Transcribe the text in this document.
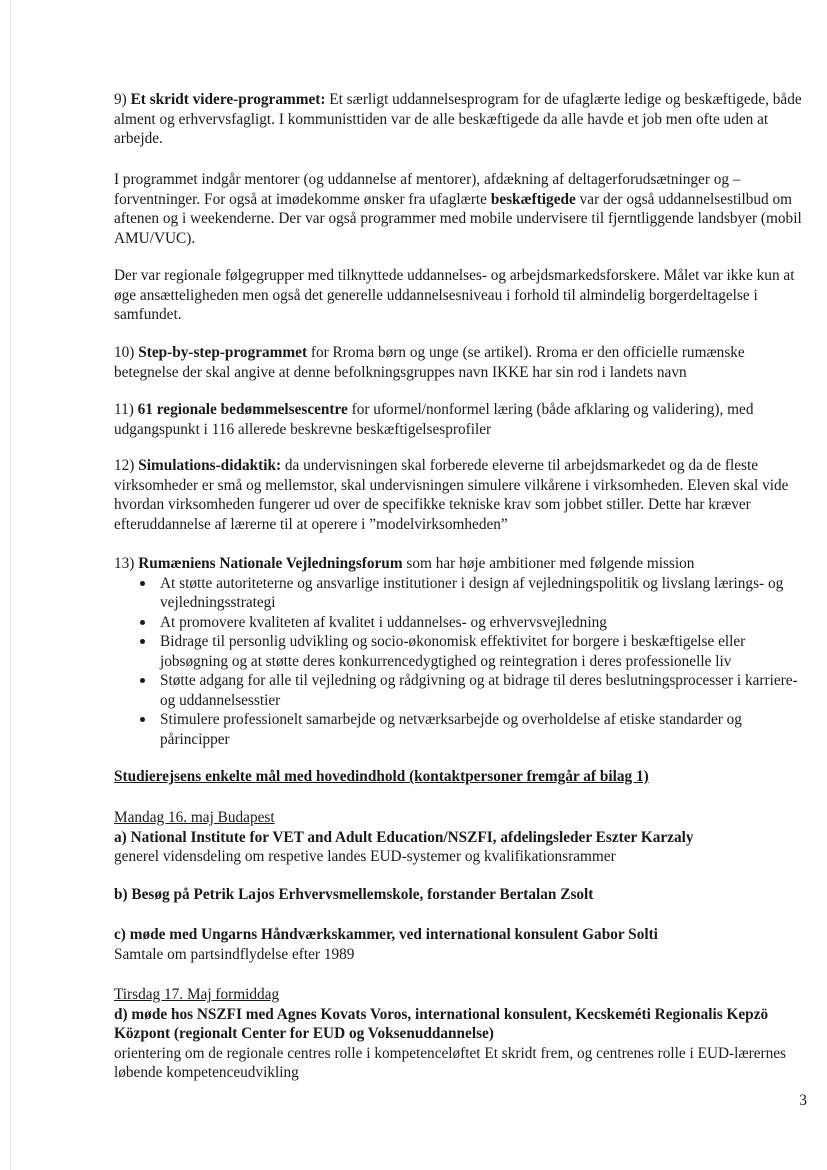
9) Et skridt videre-programmet: Et særligt uddannelsesprogram for de ufaglærte ledige og beskæftigede, både alment og erhvervsfagligt. I kommunisttiden var de alle beskæftigede da alle havde et job men ofte uden at arbejde.

I programmet indgår mentorer (og uddannelse af mentorer), afdækning af deltagerforudsætninger og –forventninger. For også at imødekomme ønsker fra ufaglærte beskæftigede var der også uddannelsestilbud om aftenen og i weekenderne. Der var også programmer med mobile undervisere til fjerntliggende landsbyer (mobil AMU/VUC).

Der var regionale følgegrupper med tilknyttede uddannelses- og arbejdsmarkedsforskere. Målet var ikke kun at øge ansætteligheden men også det generelle uddannelsesniveau i forhold til almindelig borgerdeltagelse i samfundet.

10) Step-by-step-programmet for Rroma børn og unge (se artikel). Rroma er den officielle rumænske betegnelse der skal angive at denne befolkningsgruppes navn IKKE har sin rod i landets navn

11) 61 regionale bedømmelsescentre for uformel/nonformel læring (både afklaring og validering), med udgangspunkt i 116 allerede beskrevne beskæftigelsesprofiler

12) Simulations-didaktik: da undervisningen skal forberede eleverne til arbejdsmarkedet og da de fleste virksomheder er små og mellemstor, skal undervisningen simulere vilkårene i virksomheden. Eleven skal vide hvordan virksomheden fungerer ud over de specifikke tekniske krav som jobbet stiller. Dette har kræver efteruddannelse af lærerne til at operere i ”modelvirksomheden”

13) Rumæniens Nationale Vejledningsforum som har høje ambitioner med følgende mission

At støtte autoriteterne og ansvarlige institutioner i design af vejledningspolitik og livslang lærings- og vejledningsstrategi
At promovere kvaliteten af kvalitet i uddannelses- og erhvervsvejledning
Bidrage til personlig udvikling og socio-økonomisk effektivitet for borgere i beskæftigelse eller jobsøgning og at støtte deres konkurrencedygtighed og reintegration i deres professionelle liv
Støtte adgang for alle til vejledning og rådgivning og at bidrage til deres beslutningsprocesser i karriere- og uddannelsesstier
Stimulere professionelt samarbejde og netværksarbejde og overholdelse af etiske standarder og pårincipper

Studierejsens enkelte mål med hovedindhold (kontaktpersoner fremgår af bilag 1)

Mandag 16. maj Budapest

a) National Institute for VET and Adult Education/NSZFI, afdelingsleder Eszter Karzaly

generel vidensdeling om respetive landes EUD-systemer og kvalifikationsrammer

b) Besøg på Petrik Lajos Erhvervsmellemskole, forstander Bertalan Zsolt

c) møde med Ungarns Håndværkskammer, ved international konsulent Gabor Solti

Samtale om partsindflydelse efter 1989

Tirsdag 17. Maj formiddag

d) møde hos NSZFI med Agnes Kovats Voros, international konsulent, Kecskeméti Regionalis Kepzö Központ (regionalt Center for EUD og Voksenuddannelse)

orientering om de regionale centres rolle i kompetenceløftet Et skridt frem, og centrenes rolle i EUD-lærernes løbende kompetenceudvikling

3
